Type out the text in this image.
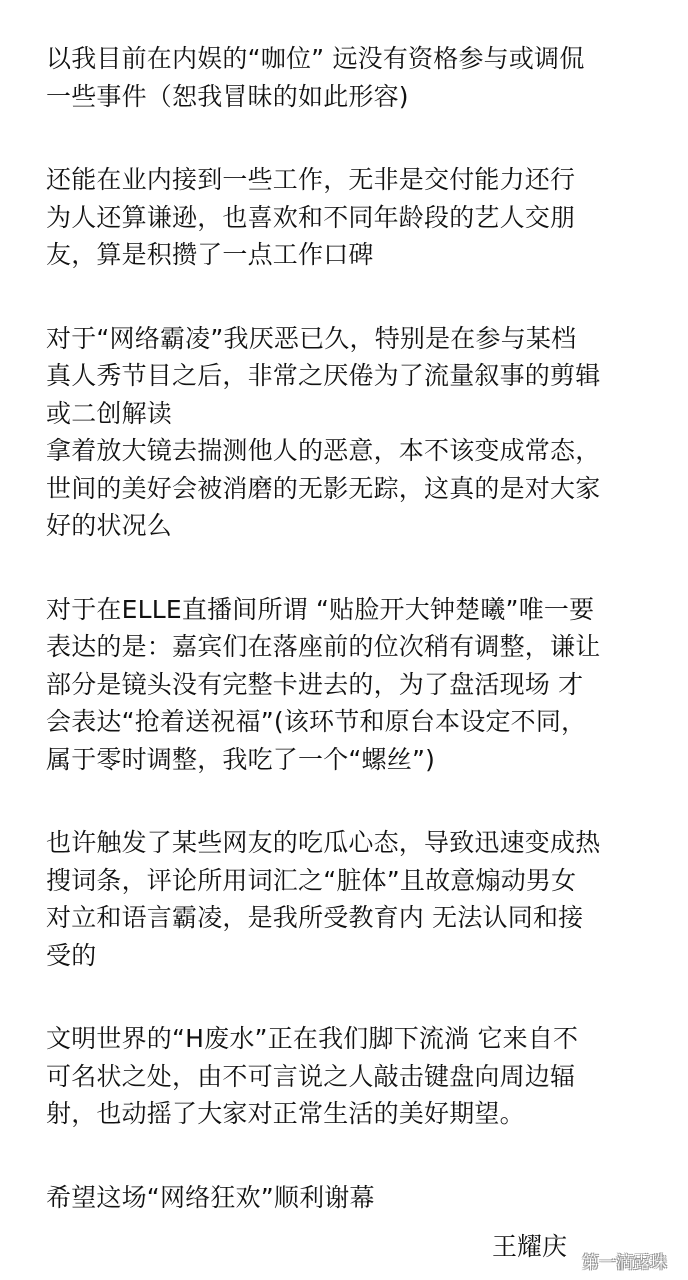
以我目前在内娱的“咖位” 远没有资格参与或调侃
一些事件（恕我冒昧的如此形容)
还能在业内接到一些工作，无非是交付能力还行
为人还算谦逊，也喜欢和不同年龄段的艺人交朋
友，算是积攒了一点工作口碑
对于“网络霸凌”我厌恶已久，特别是在参与某档
真人秀节目之后，非常之厌倦为了流量叙事的剪辑
或二创解读
拿着放大镜去揣测他人的恶意，本不该变成常态，
世间的美好会被消磨的无影无踪，这真的是对大家
好的状况么
对于在ELLE直播间所谓 “贴脸开大钟楚曦”唯一要
表达的是：嘉宾们在落座前的位次稍有调整，谦让
部分是镜头没有完整卡进去的，为了盘活现场 才
会表达“抢着送祝福”(该环节和原台本设定不同，
属于零时调整，我吃了一个“螺丝”)
也许触发了某些网友的吃瓜心态，导致迅速变成热
搜词条，评论所用词汇之“脏体”且故意煽动男女
对立和语言霸凌，是我所受教育内 无法认同和接
受的
文明世界的“H废水”正在我们脚下流淌 它来自不
可名状之处，由不可言说之人敲击键盘向周边辐
射，也动摇了大家对正常生活的美好期望。
希望这场“网络狂欢”顺利谢幕
王耀庆
第一滴露珠
